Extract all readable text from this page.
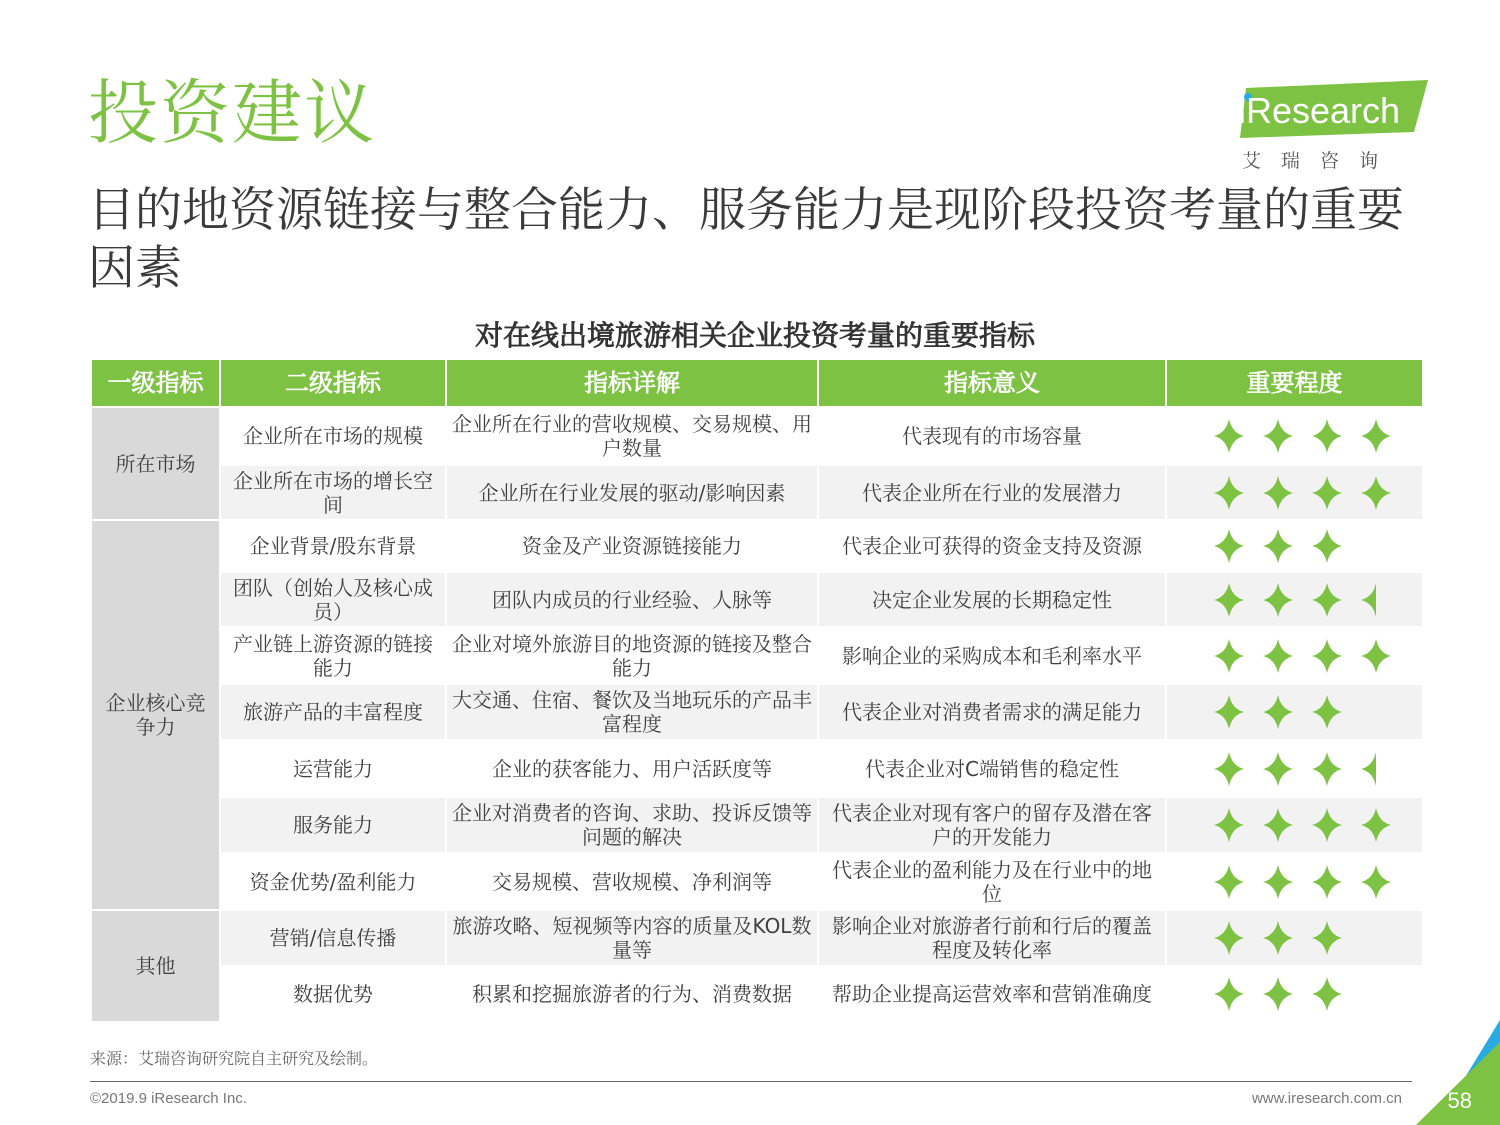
投资建议
目的地资源链接与整合能力、服务能力是现阶段投资考量的重要因素
iResearch
艾瑞咨询
对在线出境旅游相关企业投资考量的重要指标
一级指标	二级指标	指标详解	指标意义	重要程度
所在市场	企业所在市场的规模	企业所在行业的营收规模、交易规模、用户数量	代表现有的市场容量	

	企业所在市场的增长空间	企业所在行业发展的驱动/影响因素	代表企业所在行业的发展潜力	

企业核心竞争力	企业背景/股东背景	资金及产业资源链接能力	代表企业可获得的资金支持及资源	

	团队（创始人及核心成员）	团队内成员的行业经验、人脉等	决定企业发展的长期稳定性	

	产业链上游资源的链接能力	企业对境外旅游目的地资源的链接及整合能力	影响企业的采购成本和毛利率水平	

	旅游产品的丰富程度	大交通、住宿、餐饮及当地玩乐的产品丰富程度	代表企业对消费者需求的满足能力	

	运营能力	企业的获客能力、用户活跃度等	代表企业对C端销售的稳定性	

	服务能力	企业对消费者的咨询、求助、投诉反馈等问题的解决	代表企业对现有客户的留存及潜在客户的开发能力	

	资金优势/盈利能力	交易规模、营收规模、净利润等	代表企业的盈利能力及在行业中的地位	

其他	营销/信息传播	旅游攻略、短视频等内容的质量及KOL数量等	影响企业对旅游者行前和行后的覆盖程度及转化率	

	数据优势	积累和挖掘旅游者的行为、消费数据	帮助企业提高运营效率和营销准确度	
来源：艾瑞咨询研究院自主研究及绘制。
©2019.9 iResearch Inc.	www.iresearch.com.cn 58
